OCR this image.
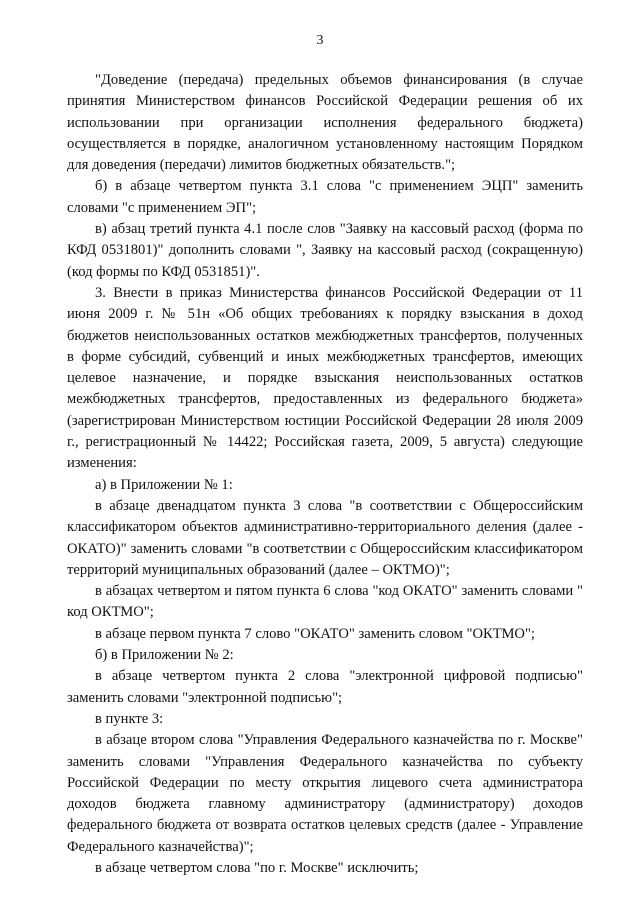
3

"Доведение (передача) предельных объемов финансирования (в случае принятия Министерством финансов Российской Федерации решения об их использовании при организации исполнения федерального бюджета) осуществляется в порядке, аналогичном установленному настоящим Порядком для доведения (передачи) лимитов бюджетных обязательств.";

б) в абзаце четвертом пункта 3.1 слова "с применением ЭЦП" заменить словами "с применением ЭП";

в) абзац третий пункта 4.1 после слов "Заявку на кассовый расход (форма по КФД 0531801)" дополнить словами ", Заявку на кассовый расход (сокращенную) (код формы по КФД 0531851)".

3. Внести в приказ Министерства финансов Российской Федерации от 11 июня 2009 г. № 51н «Об общих требованиях к порядку взыскания в доход бюджетов неиспользованных остатков межбюджетных трансфертов, полученных в форме субсидий, субвенций и иных межбюджетных трансфертов, имеющих целевое назначение, и порядке взыскания неиспользованных остатков межбюджетных трансфертов, предоставленных из федерального бюджета» (зарегистрирован Министерством юстиции Российской Федерации 28 июля 2009 г., регистрационный № 14422; Российская газета, 2009, 5 августа) следующие изменения:

а) в Приложении № 1:

в абзаце двенадцатом пункта 3 слова "в соответствии с Общероссийским классификатором объектов административно-территориального деления (далее - ОКАТО)" заменить словами "в соответствии с Общероссийским классификатором территорий муниципальных образований (далее – ОКТМО)";

в абзацах четвертом и пятом пункта 6 слова "код ОКАТО" заменить словами " код ОКТМО";

в абзаце первом пункта 7 слово "ОКАТО" заменить словом "ОКТМО";

б) в Приложении № 2:

в абзаце четвертом пункта 2 слова "электронной цифровой подписью" заменить словами "электронной подписью";

в пункте 3:

в абзаце втором слова "Управления Федерального казначейства по г. Москве" заменить словами "Управления Федерального казначейства по субъекту Российской Федерации по месту открытия лицевого счета администратора доходов бюджета главному администратору (администратору) доходов федерального бюджета от возврата остатков целевых средств (далее - Управление Федерального казначейства)";

в абзаце четвертом слова "по г. Москве" исключить;
